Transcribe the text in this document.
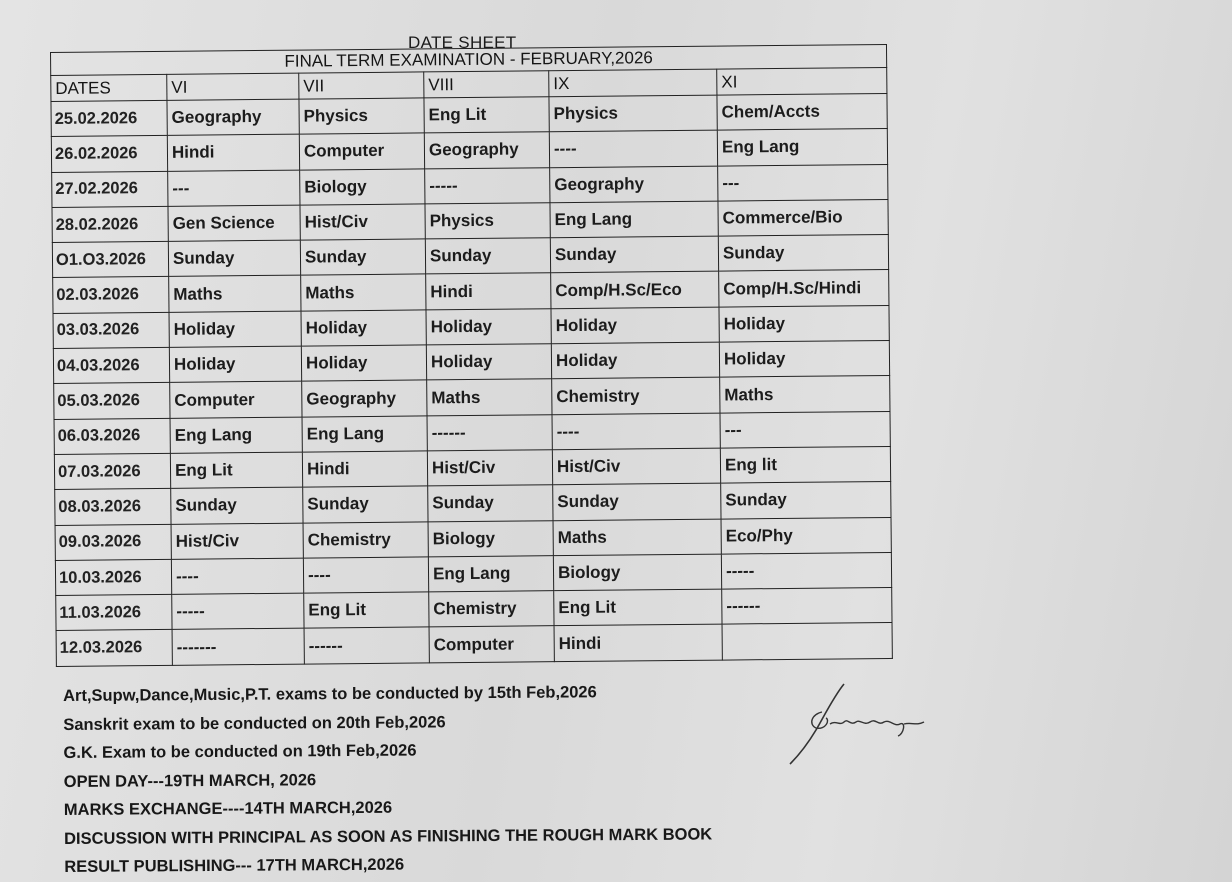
DATE SHEET
FINAL TERM EXAMINATION - FEBRUARY,2026					
DATES	VI	VII	VIII	IX	XI
25.02.2026	Geography	Physics	Eng Lit	Physics	Chem/Accts
26.02.2026	Hindi	Computer	Geography	----	Eng Lang
27.02.2026	---	Biology	-----	Geography	---
28.02.2026	Gen Science	Hist/Civ	Physics	Eng Lang	Commerce/Bio
O1.O3.2026	Sunday	Sunday	Sunday	Sunday	Sunday
02.03.2026	Maths	Maths	Hindi	Comp/H.Sc/Eco	Comp/H.Sc/Hindi
03.03.2026	Holiday	Holiday	Holiday	Holiday	Holiday
04.03.2026	Holiday	Holiday	Holiday	Holiday	Holiday
05.03.2026	Computer	Geography	Maths	Chemistry	Maths
06.03.2026	Eng Lang	Eng Lang	------	----	---
07.03.2026	Eng Lit	Hindi	Hist/Civ	Hist/Civ	Eng lit
08.03.2026	Sunday	Sunday	Sunday	Sunday	Sunday
09.03.2026	Hist/Civ	Chemistry	Biology	Maths	Eco/Phy
10.03.2026	----	----	Eng Lang	Biology	-----
11.03.2026	-----	Eng Lit	Chemistry	Eng Lit	------
12.03.2026	-------	------	Computer	Hindi	
Art,Supw,Dance,Music,P.T. exams to be conducted by 15th Feb,2026
Sanskrit exam to be conducted on 20th Feb,2026
G.K. Exam to be conducted on 19th Feb,2026
OPEN DAY---19TH MARCH, 2026
MARKS EXCHANGE----14TH MARCH,2026
DISCUSSION WITH PRINCIPAL AS SOON AS FINISHING THE ROUGH MARK BOOK
RESULT PUBLISHING--- 17TH MARCH,2026
